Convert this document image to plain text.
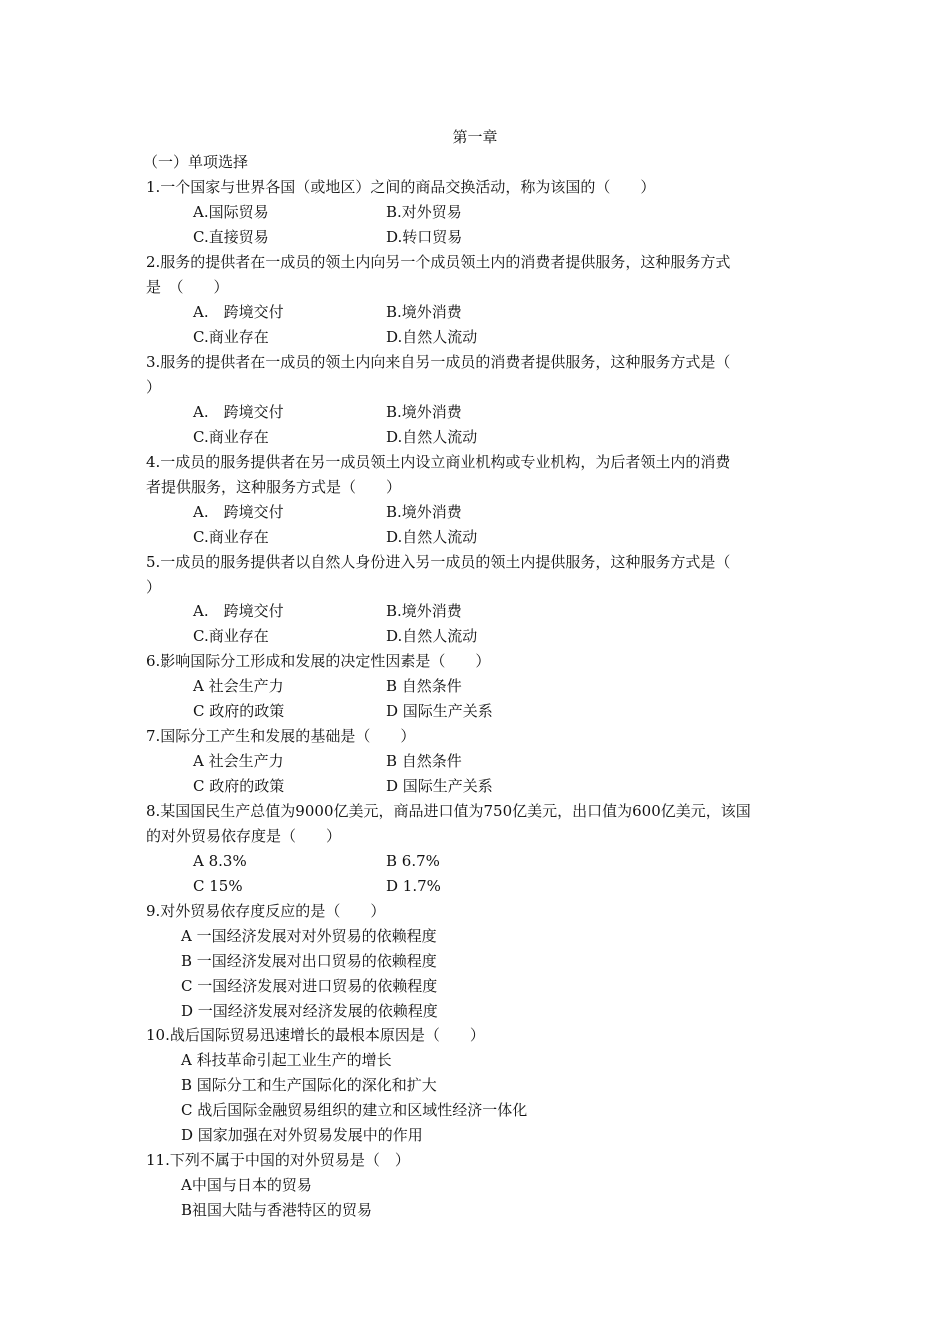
第一章
（一）单项选择
1.一个国家与世界各国（或地区）之间的商品交换活动，称为该国的（　　）
A.国际贸易	B.对外贸易
C.直接贸易	D.转口贸易
2.服务的提供者在一成员的领土内向另一个成员领土内的消费者提供服务，这种服务方式
是　（　　）
A.　跨境交付	B.境外消费
C.商业存在	D.自然人流动
3.服务的提供者在一成员的领土内向来自另一成员的消费者提供服务，这种服务方式是（
）
A.　跨境交付	B.境外消费
C.商业存在	D.自然人流动
4.一成员的服务提供者在另一成员领土内设立商业机构或专业机构，为后者领土内的消费
者提供服务，这种服务方式是（　　）
A.　跨境交付	B.境外消费
C.商业存在	D.自然人流动
5.一成员的服务提供者以自然人身份进入另一成员的领土内提供服务，这种服务方式是（
）
A.　跨境交付	B.境外消费
C.商业存在	D.自然人流动
6.影响国际分工形成和发展的决定性因素是（　　）
A 社会生产力	B 自然条件
C 政府的政策	D 国际生产关系
7.国际分工产生和发展的基础是（　　）
A 社会生产力	B 自然条件
C 政府的政策	D 国际生产关系
8.某国国民生产总值为9000亿美元，商品进口值为750亿美元，出口值为600亿美元，该国
的对外贸易依存度是（　　）
A 8.3%	B 6.7%
C 15%	D 1.7%
9.对外贸易依存度反应的是（　　）
A 一国经济发展对对外贸易的依赖程度
B 一国经济发展对出口贸易的依赖程度
C 一国经济发展对进口贸易的依赖程度
D 一国经济发展对经济发展的依赖程度
10.战后国际贸易迅速增长的最根本原因是（　　）
A 科技革命引起工业生产的增长
B 国际分工和生产国际化的深化和扩大
C 战后国际金融贸易组织的建立和区域性经济一体化
D 国家加强在对外贸易发展中的作用
11.下列不属于中国的对外贸易是（　）
A中国与日本的贸易
B祖国大陆与香港特区的贸易
